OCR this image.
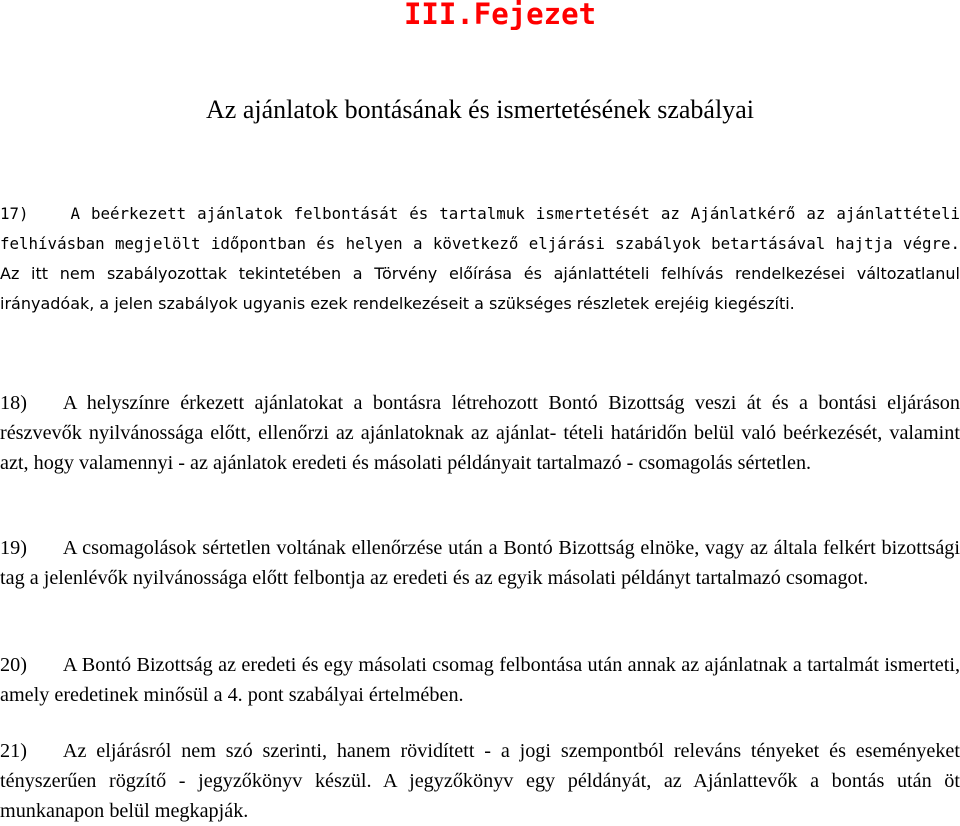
III.Fejezet
Az ajánlatok bontásának és ismertetésének szabályai

17)	A beérkezett ajánlatok felbontását és tartalmuk ismertetését az Ajánlatkérő az ajánlattételi felhívásban megjelölt időpontban és helyen a következő eljárási szabályok betartásával hajtja végre. Az itt nem szabályozottak tekintetében a Törvény előírása és ajánlattételi felhívás rendelkezései változatlanul irányadóak, a jelen szabályok ugyanis ezek rendelkezéseit a szükséges részletek erejéig kiegészíti.

18) A helyszínre érkezett ajánlatokat a bontásra létrehozott Bontó Bizottság veszi át és a bontási eljáráson részvevők nyilvánossága előtt, ellenőrzi az ajánlatoknak az ajánlat- tételi határidőn belül való beérkezését, valamint azt, hogy valamennyi - az ajánlatok eredeti és másolati példányait tartalmazó - csomagolás sértetlen.

19) A csomagolások sértetlen voltának ellenőrzése után a Bontó Bizottság elnöke, vagy az általa felkért bizottsági tag a jelenlévők nyilvánossága előtt felbontja az eredeti és az egyik másolati példányt tartalmazó csomagot.

20) A Bontó Bizottság az eredeti és egy másolati csomag felbontása után annak az ajánlatnak a tartalmát ismerteti, amely eredetinek minősül a 4. pont szabályai értelmében.

21) Az eljárásról nem szó szerinti, hanem rövidített - a jogi szempontból releváns tényeket és eseményeket tényszerűen rögzítő - jegyzőkönyv készül. A jegyzőkönyv egy példányát, az Ajánlattevők a bontás után öt munkanapon belül megkapják.
